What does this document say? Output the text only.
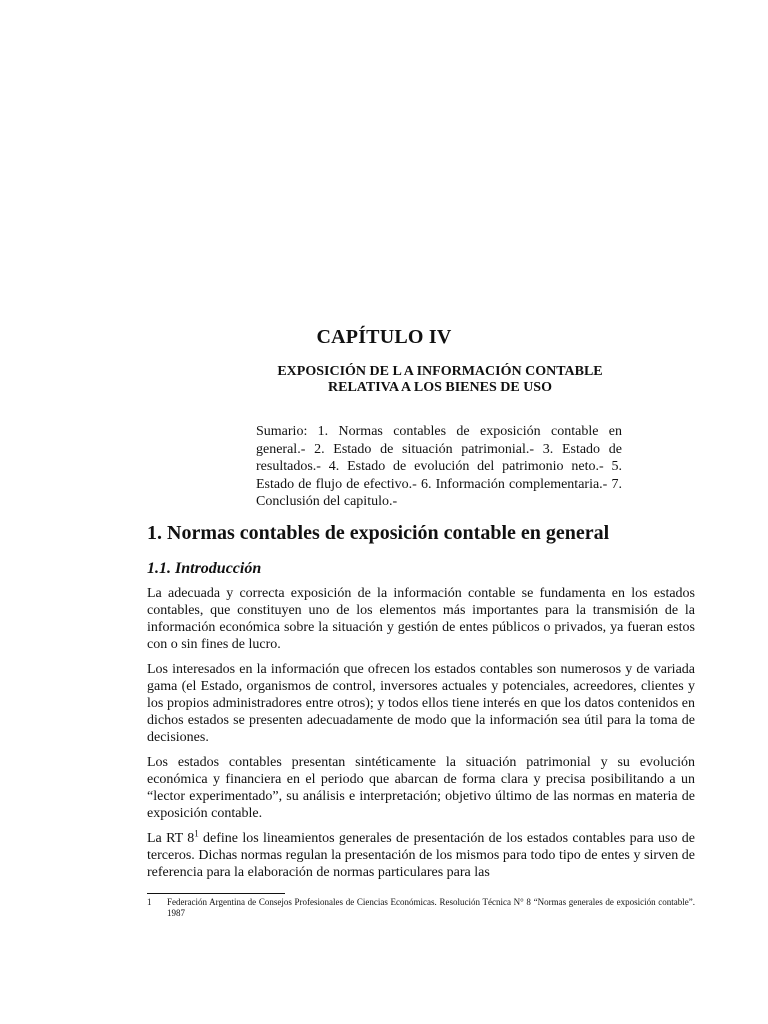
CAPÍTULO IV
EXPOSICIÓN DE L A INFORMACIÓN CONTABLE
RELATIVA A LOS BIENES DE USO

Sumario: 1. Normas contables de exposición contable en general.- 2. Estado de situación patrimonial.- 3. Estado de resultados.- 4. Estado de evolución del patrimonio neto.- 5. Estado de flujo de efectivo.- 6. Información complementaria.- 7. Conclusión del capitulo.-

1. Normas contables de exposición contable en general
1.1. Introducción

La adecuada y correcta exposición de la información contable se fundamenta en los estados contables, que constituyen uno de los elementos más importantes para la transmisión de la información económica sobre la situación y gestión de entes públicos o privados, ya fueran estos con o sin fines de lucro.

Los interesados en la información que ofrecen los estados contables son numerosos y de variada gama (el Estado, organismos de control, inversores actuales y potenciales, acreedores, clientes y los propios administradores entre otros); y todos ellos tiene interés en que los datos contenidos en dichos estados se presenten adecuadamente de modo que la información sea útil para la toma de decisiones.

Los estados contables presentan sintéticamente la situación patrimonial y su evolución económica y financiera en el periodo que abarcan de forma clara y precisa posibilitando a un “lector experimentado”, su análisis e interpretación; objetivo último de las normas en materia de exposición contable.

La RT $8^1$ define los lineamientos generales de presentación de los estados contables para uso de terceros. Dichas normas regulan la presentación de los mismos para todo tipo de entes y sirven de referencia para la elaboración de normas particulares para las

1 Federación Argentina de Consejos Profesionales de Ciencias Económicas. Resolución Técnica N° 8 “Normas generales de exposición contable”. 1987
